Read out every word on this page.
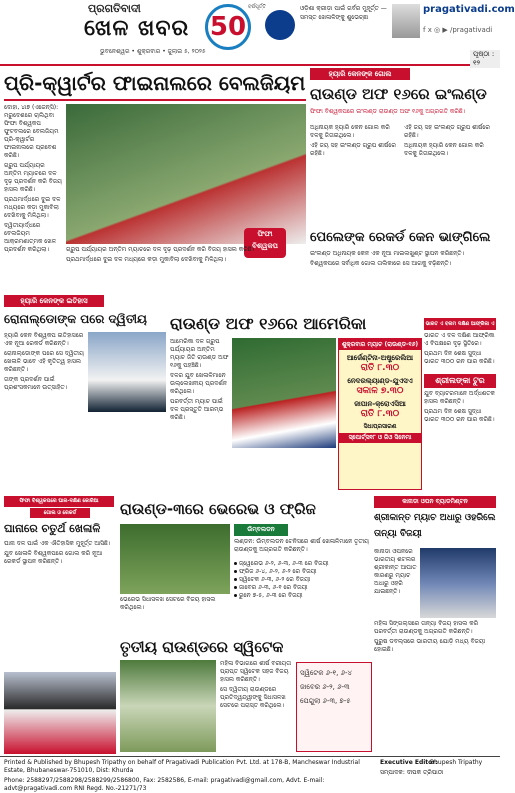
ପ୍ରଗତିବାଦୀ
ଖେଳ ଖବର
ଭୁବନେଶ୍ୱର • ଶୁକ୍ରବାର • ଜୁଲାଇ ୫, ୨୦୨୫
50
ବର୍ଷପୂର୍ତ୍ତି	ଓଡ଼ିଶା କ୍ରୀଡ଼ା ପାଇଁ ଗର୍ବର ମୁହୂର୍ତ୍ତ — ସମସ୍ତ ଖେଳାଳିଙ୍କୁ ଶୁଭେଚ୍ଛା
pragativadi.com
f x ◎ ▶ /pragativadi
ପୃଷ୍ଠା : ୧୨
ପ୍ରି-କ୍ୱାର୍ଟର ଫାଇନାଲରେ ବେଲଜିୟମ

ଦୋହା, ୪ା୭ (ଏଜେନ୍ସି): ମରୁଦେଶରେ ଚାଲିଥିବା ଫିଫା ବିଶ୍ୱକପ ଫୁଟବଲରେ ବେଲଜିୟମ ପ୍ରି-କ୍ୱାର୍ଟର ଫାଇନାଲରେ ପ୍ରବେଶ କରିଛି।

ଗ୍ରୁପ ପର୍ଯ୍ୟାୟର ଅନ୍ତିମ ମ୍ୟାଚରେ ଦଳ ଦୃଢ଼ ପ୍ରଦର୍ଶନ କରି ବିଜୟ ହାସଲ କରିଛି।

ପ୍ରଥମାର୍ଦ୍ଧରେ ଦୁଇ ଦଳ ମଧ୍ୟରେ କଡ଼ା ମୁକାବିଲା ଦେଖିବାକୁ ମିଳିଥିଲା।

ଦ୍ୱିତୀୟାର୍ଦ୍ଧରେ ବେଲଜିୟମ ଆକ୍ରମଣାତ୍ମକ ଖେଳ ପ୍ରଦର୍ଶନ କରିଥିଲା।

ଫିଫା
ବିଶ୍ୱକପ

ଗ୍ରୁପ ପର୍ଯ୍ୟାୟର ଅନ୍ତିମ ମ୍ୟାଚରେ ଦଳ ଦୃଢ଼ ପ୍ରଦର୍ଶନ କରି ବିଜୟ ହାସଲ କରିଛି।

ପ୍ରଥମାର୍ଦ୍ଧରେ ଦୁଇ ଦଳ ମଧ୍ୟରେ କଡ଼ା ମୁକାବିଲା ଦେଖିବାକୁ ମିଳିଥିଲା।

ହ୍ୟାରି କେନଙ୍କ ଗୋଲ
ରାଉଣ୍ଡ ଅଫ ୧୬ରେ ଇଂଲଣ୍ଡ
ଫିଫା ବିଶ୍ୱକପରେ ଇଂଲଣ୍ଡ ରାଉଣ୍ଡ ଅଫ ୧୬କୁ ଅଗ୍ରଗତି କରିଛି।

ଅଧିନାୟକ ହ୍ୟାରି କେନ ଗୋଲ କରି ଦଳକୁ ଜିତାଇଥିଲେ।

ଏହି ଜୟ ସହ ଇଂଲଣ୍ଡ ଗ୍ରୁପ ଶୀର୍ଷରେ ରହିଛି।

ଏହି ଜୟ ସହ ଇଂଲଣ୍ଡ ଗ୍ରୁପ ଶୀର୍ଷରେ ରହିଛି।

ଅଧିନାୟକ ହ୍ୟାରି କେନ ଗୋଲ କରି ଦଳକୁ ଜିତାଇଥିଲେ।

ପେଲେଙ୍କ ରେକର୍ଡ କେନ ଭାଙ୍ଗିଲେ

ଇଂଲଣ୍ଡ ଅଧିନାୟକ କେନ ଏକ ନୂଆ ମାଇଲଖୁଣ୍ଟ ସ୍ଥାପନ କରିଛନ୍ତି।

ବିଶ୍ୱକପରେ ସର୍ବାଧିକ ଗୋଲ ତାଲିକାରେ ସେ ଆଗକୁ ବଢ଼ିଛନ୍ତି।

ହ୍ୟାରି କେନଙ୍କ ଇତିହାସ
ରୋନାଲ୍ଡୋଙ୍କ ପରେ ଦ୍ୱିତୀୟ

ହ୍ୟାରି କେନ ବିଶ୍ୱକପ ଇତିହାସରେ ଏକ ନୂଆ ରେକର୍ଡ କରିଛନ୍ତି।

ରୋନାଲ୍ଡୋଙ୍କ ପରେ ସେ ଦ୍ୱିତୀୟ ଖେଳାଳି ଭାବେ ଏହି କୃତିତ୍ୱ ହାସଲ କରିଛନ୍ତି।

ତାଙ୍କ ପ୍ରଦର୍ଶନ ପାଇଁ ପ୍ରଶଂସକମାନେ ଉତ୍ସାହିତ।

ରାଉଣ୍ଡ ଅଫ ୧୬ରେ ଆମେରିକା

ଆମେରିକା ଦଳ ଗ୍ରୁପ ପର୍ଯ୍ୟାୟର ଅନ୍ତିମ ମ୍ୟାଚ ଜିତି ରାଉଣ୍ଡ ଅଫ ୧୬କୁ ପହଞ୍ଚିଛି।

ଦଳର ଯୁବ ଖେଳାଳିମାନେ ଉଲ୍ଲେଖନୀୟ ପ୍ରଦର୍ଶନ କରିଥିଲେ।

ପରବର୍ତ୍ତୀ ମ୍ୟାଚ ପାଇଁ ଦଳ ପ୍ରସ୍ତୁତି ଆରମ୍ଭ କରିଛି।

ଶୁକ୍ରବାର ମ୍ୟାଚ (ରାଉଣ୍ଡ-୧୬)
ଆର୍ଜେଣ୍ଟିନା-ଅଷ୍ଟ୍ରେଲିଆ
ରାତି ୮.୩୦
ନେଦରଲ୍ୟାଣ୍ଡ-ଯୁଏସଏ
ସକାଳ ୭.୩୦
ଜାପାନ-କ୍ରୋଏସିଆ
ରାତି ୮.୩୦
ସିଧାପ୍ରସାରଣ
ସ୍ପୋର୍ଟ୍ସ୧୮ ଓ ଜିଓ ସିନେମା
ଭାରତ ଏ ବନାମ ଦକ୍ଷିଣ ଆଫ୍ରିକା ଏ

ଭାରତ ଏ ଦଳ ଦକ୍ଷିଣ ଆଫ୍ରିକା ଏ ବିପକ୍ଷରେ ଦୃଢ଼ ସ୍ଥିତିରେ।

ପ୍ରଥମ ଦିନ ଶେଷ ସୁଦ୍ଧା ଭାରତ ୩୦୦ ରନ ପାର କରିଛି।

ଶ୍ରୀଲଙ୍କା ଟୁର

ଯୁବ ବ୍ୟାଟରମାନେ ଅର୍ଦ୍ଧଶତକ ହାସଲ କରିଛନ୍ତି।

ପ୍ରଥମ ଦିନ ଶେଷ ସୁଦ୍ଧା ଭାରତ ୩୦୦ ରନ ପାର କରିଛି।

ଫିଫା ବିଶ୍ୱକପରେ ଘାନା-ଦକ୍ଷିଣ କୋରିଆ
ଗୋଲ ଓ ରେକର୍ଡ
ଘାନାରେ ଚତୁର୍ଥ ଖେଳାଳି

ଘାନା ଦଳ ପାଇଁ ଏକ ଐତିହାସିକ ମୁହୂର୍ତ୍ତ ଆସିଛି।

ଯୁବ ଖେଳାଳି ବିଶ୍ୱକପରେ ଗୋଲ କରି ନୂଆ ରେକର୍ଡ ସ୍ଥାପନ କରିଛନ୍ତି।

ରାଉଣ୍ଡ-୩ରେ ଭେରେଭ ଓ ଫ୍ରିଜ
ଉିମ୍ବଲଡନ

ଲଣ୍ଡନ: ଉିମ୍ବଲଡନ ଟେନିସରେ ଶୀର୍ଷ ଖେଳାଳିମାନେ ତୃତୀୟ ରାଉଣ୍ଡକୁ ଅଗ୍ରଗତି କରିଛନ୍ତି।

ଜ୍ୱେରେଭ ୬-୨, ୬-୩, ୬-୩ ରେ ବିଜୟୀ
ଫ୍ରିଜ ୬-୪, ୬-୨, ୬-୨ ରେ ବିଜୟୀ
ସ୍ୱିଟେକ ୬-୩, ୬-୨ ରେ ବିଜୟୀ
ଜାବେର ୬-୩, ୬-୧ ରେ ବିଜୟୀ
ରୁନେ ୭-୫, ୬-୩ ରେ ବିଜୟୀ

ଭେରେଭ ସିଧାସଳଖ ସେଟରେ ବିଜୟ ହାସଲ କରିଥିଲେ।

ତୃତୀୟ ରାଉଣ୍ଡରେ ସ୍ୱିଟେକ

ମହିଳା ବିଭାଗରେ ଶୀର୍ଷ ବରୀୟତା ପ୍ରାପ୍ତ ସ୍ୱିଟେକ ସହଜ ବିଜୟ ହାସଲ କରିଛନ୍ତି।

ସେ ଦ୍ୱିତୀୟ ରାଉଣ୍ଡରେ ପ୍ରତିଦ୍ୱନ୍ଦ୍ୱୀଙ୍କୁ ସିଧାସଳଖ ସେଟରେ ପରାସ୍ତ କରିଥିଲେ।

ସ୍ୱିଟେକ ୬-୧, ୬-୪
ଜାବେର ୬-୨, ୬-୩
ପେଗୁଲା ୬-୩, ୭-୫
କାନାଡା ଓପନ ବ୍ୟାଡମିଣ୍ଟନ
ଶ୍ରୀକାନ୍ତ ମ୍ୟାଚ ଅଧାରୁ ଓହରିଲେ ତାନ୍ୟା ବିଜୟୀ

କାନାଡା ଓପନରେ ଭାରତୀୟ ଶଟଲର ଶ୍ରୀକାନ୍ତ ଆଘାତ କାରଣରୁ ମ୍ୟାଚ ଅଧାରୁ ଓହରି ଯାଇଛନ୍ତି।

ମହିଳା ସିଙ୍ଗଲ୍ସରେ ତାନ୍ୟା ବିଜୟ ହାସଲ କରି ପରବର୍ତ୍ତୀ ରାଉଣ୍ଡକୁ ଅଗ୍ରଗତି କରିଛନ୍ତି।

ପୁରୁଷ ଡବଲ୍ସରେ ଭାରତୀୟ ଯୋଡ଼ି ମଧ୍ୟ ବିଜୟୀ ହୋଇଛି।

Printed & Published by Bhupesh Tripathy on behalf of Pragativadi Publication Pvt. Ltd. at 178-B, Mancheswar Industrial Estate, Bhubaneswar-751010, Dist: Khurda
Phone: 2588297/2588298/2588299/2586800, Fax: 2582586, E-mail: pragativadi@gmail.com, Advt. E-mail: advt@pragativadi.com RNI Regd. No.-21271/73
Executive Editor:
Bhupesh Tripathy
ସମ୍ପାଦକ: ଦୀପକ ତ୍ରିପାଠୀ
